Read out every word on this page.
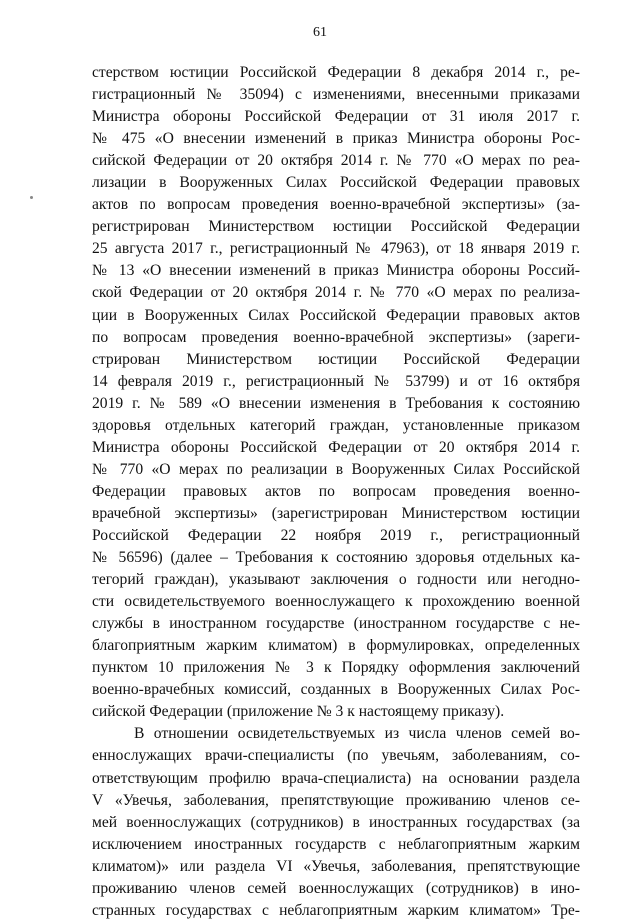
61
стерством юстиции Российской Федерации 8 декабря 2014 г., ре-
гистрационный № 35094) с изменениями, внесенными приказами
Министра обороны Российской Федерации от 31 июля 2017 г.
№ 475 «О внесении изменений в приказ Министра обороны Рос-
сийской Федерации от 20 октября 2014 г. № 770 «О мерах по реа-
лизации в Вооруженных Силах Российской Федерации правовых
актов по вопросам проведения военно-врачебной экспертизы» (за-
регистрирован Министерством юстиции Российской Федерации
25 августа 2017 г., регистрационный № 47963), от 18 января 2019 г.
№ 13 «О внесении изменений в приказ Министра обороны Россий-
ской Федерации от 20 октября 2014 г. № 770 «О мерах по реализа-
ции в Вооруженных Силах Российской Федерации правовых актов
по вопросам проведения военно-врачебной экспертизы» (зареги-
стрирован Министерством юстиции Российской Федерации
14 февраля 2019 г., регистрационный № 53799) и от 16 октября
2019 г. № 589 «О внесении изменения в Требования к состоянию
здоровья отдельных категорий граждан, установленные приказом
Министра обороны Российской Федерации от 20 октября 2014 г.
№ 770 «О мерах по реализации в Вооруженных Силах Российской
Федерации правовых актов по вопросам проведения военно-
врачебной экспертизы» (зарегистрирован Министерством юстиции
Российской Федерации 22 ноября 2019 г., регистрационный
№ 56596) (далее – Требования к состоянию здоровья отдельных ка-
тегорий граждан), указывают заключения о годности или негодно-
сти освидетельствуемого военнослужащего к прохождению военной
службы в иностранном государстве (иностранном государстве с не-
благоприятным жарким климатом) в формулировках, определенных
пунктом 10 приложения № 3 к Порядку оформления заключений
военно-врачебных комиссий, созданных в Вооруженных Силах Рос-
сийской Федерации (приложение № 3 к настоящему приказу).
В отношении освидетельствуемых из числа членов семей во-
еннослужащих врачи-специалисты (по увечьям, заболеваниям, со-
ответствующим профилю врача-специалиста) на основании раздела
V «Увечья, заболевания, препятствующие проживанию членов се-
мей военнослужащих (сотрудников) в иностранных государствах (за
исключением иностранных государств с неблагоприятным жарким
климатом)» или раздела VI «Увечья, заболевания, препятствующие
проживанию членов семей военнослужащих (сотрудников) в ино-
странных государствах с неблагоприятным жарким климатом» Тре-
